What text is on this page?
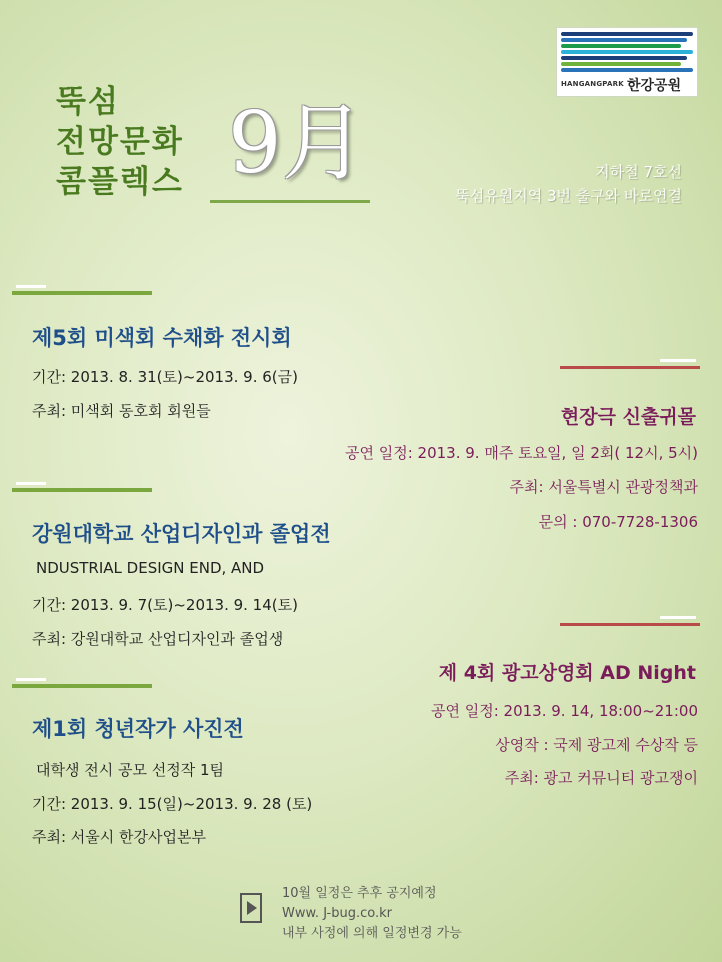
HANGANGPARK 한강공원
뚝섬
전망문화
콤플렉스 9月	지하철 7호선
뚝섬유원지역 3번 출구와 바로연결
제5회 미색회 수채화 전시회
기간: 2013. 8. 31(토)~2013. 9. 6(금)
주최: 미색회 동호회 회원들
강원대학교 산업디자인과 졸업전
NDUSTRIAL DESIGN END, AND
기간: 2013. 9. 7(토)~2013. 9. 14(토)
주최: 강원대학교 산업디자인과 졸업생
제1회 청년작가 사진전
대학생 전시 공모 선정작 1팀
기간: 2013. 9. 15(일)~2013. 9. 28 (토)
주최: 서울시 한강사업본부
현장극 신출귀몰
공연 일정: 2013. 9. 매주 토요일, 일 2회( 12시, 5시)
주최: 서울특별시 관광정책과
문의 : 070-7728-1306
제 4회 광고상영회 AD Night
공연 일정: 2013. 9. 14, 18:00~21:00
상영작 : 국제 광고제 수상작 등
주최: 광고 커뮤니티 광고쟁이
10월 일정은 추후 공지예정
Www. J-bug.co.kr
내부 사정에 의해 일정변경 가능
